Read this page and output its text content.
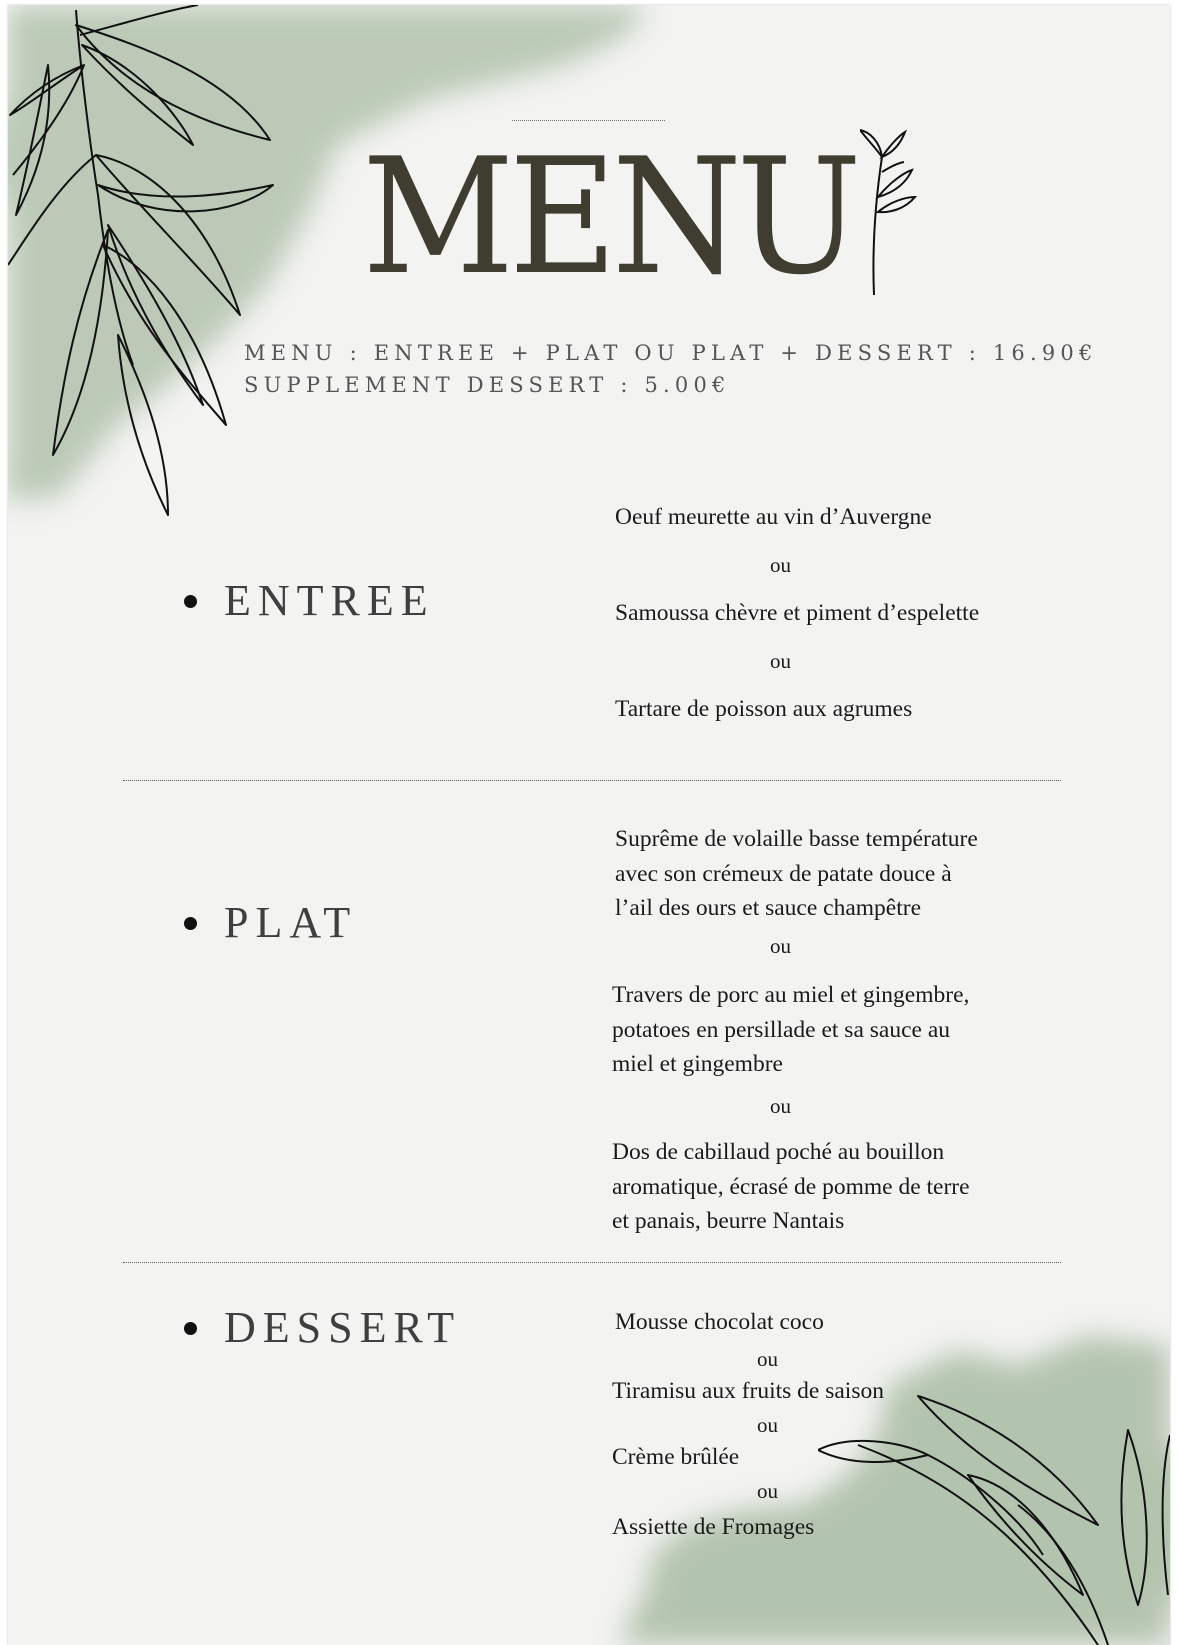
MENU
MENU : ENTREE + PLAT OU PLAT + DESSERT : 16.90€
SUPPLEMENT DESSERT : 5.00€
ENTREE
Oeuf meurette au vin d’Auvergne
ou
Samoussa chèvre et piment d’espelette
ou
Tartare de poisson aux agrumes
PLAT
Suprême de volaille basse température
avec son crémeux de patate douce à
l’ail des ours et sauce champêtre
ou
Travers de porc au miel et gingembre,
potatoes en persillade et sa sauce au
miel et gingembre
ou
Dos de cabillaud poché au bouillon
aromatique, écrasé de pomme de terre
et panais, beurre Nantais
DESSERT	Mousse chocolat coco
ou
Tiramisu aux fruits de saison
ou
Crème brûlée
ou
Assiette de Fromages
